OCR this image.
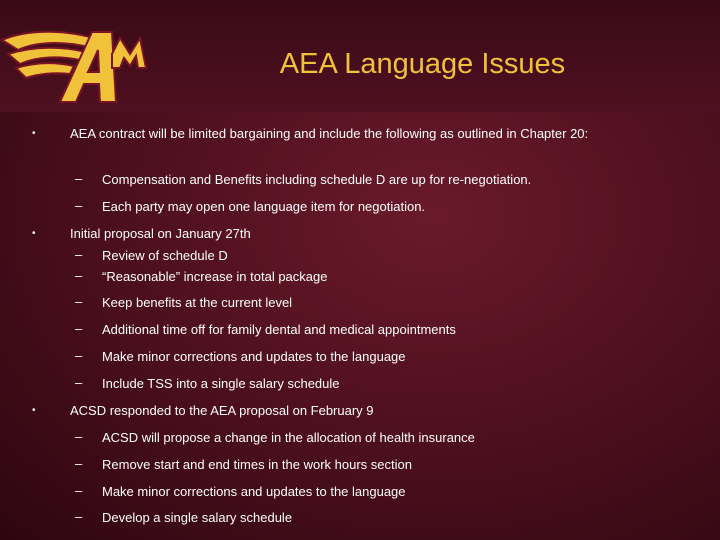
AEA Language Issues
•	AEA contract will be limited bargaining and include the following as outlined in Chapter 20:
– Compensation and Benefits including schedule D are up for re-negotiation.
– Each party may open one language item for negotiation.
•	Initial proposal on January 27th
– Review of schedule D
– “Reasonable” increase in total package
– Keep benefits at the current level
– Additional time off for family dental and medical appointments
– Make minor corrections and updates to the language
– Include TSS into a single salary schedule
•	ACSD responded to the AEA proposal on February 9
– ACSD will propose a change in the allocation of health insurance
– Remove start and end times in the work hours section
– Make minor corrections and updates to the language
– Develop a single salary schedule
